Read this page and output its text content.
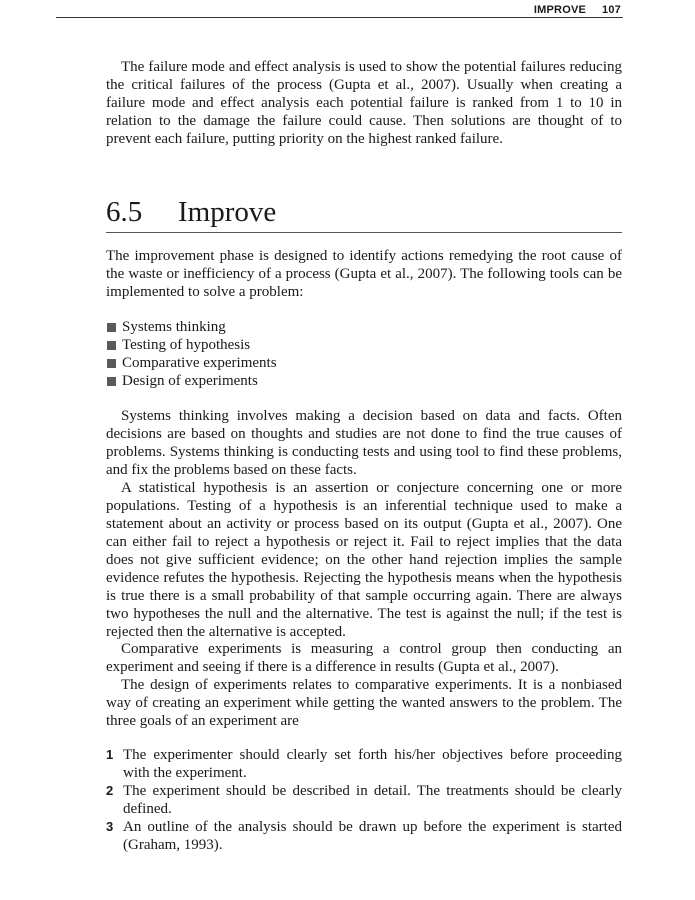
IMPROVE 107

The failure mode and effect analysis is used to show the potential failures reducing the critical failures of the process (Gupta et al., 2007). Usually when creating a failure mode and effect analysis each potential failure is ranked from 1 to 10 in relation to the damage the failure could cause. Then solutions are thought of to prevent each failure, putting priority on the highest ranked failure.

6.5 Improve

The improvement phase is designed to identify actions remedying the root cause of the waste or inefficiency of a process (Gupta et al., 2007). The following tools can be implemented to solve a problem:

Systems thinking
Testing of hypothesis
Comparative experiments
Design of experiments

Systems thinking involves making a decision based on data and facts. Often decisions are based on thoughts and studies are not done to find the true causes of problems. Systems thinking is conducting tests and using tool to find these problems, and fix the problems based on these facts.

A statistical hypothesis is an assertion or conjecture concerning one or more populations. Testing of a hypothesis is an inferential technique used to make a statement about an activity or process based on its output (Gupta et al., 2007). One can either fail to reject a hypothesis or reject it. Fail to reject implies that the data does not give sufficient evidence; on the other hand rejection implies the sample evidence refutes the hypothesis. Rejecting the hypothesis means when the hypothesis is true there is a small probability of that sample occurring again. There are always two hypotheses the null and the alternative. The test is against the null; if the test is rejected then the alternative is accepted.

Comparative experiments is measuring a control group then conducting an experiment and seeing if there is a difference in results (Gupta et al., 2007).

The design of experiments relates to comparative experiments. It is a nonbiased way of creating an experiment while getting the wanted answers to the problem. The three goals of an experiment are

1 The experimenter should clearly set forth his/her objectives before proceeding with the experiment.
2 The experiment should be described in detail. The treatments should be clearly defined.
3 An outline of the analysis should be drawn up before the experiment is started (Graham, 1993).
